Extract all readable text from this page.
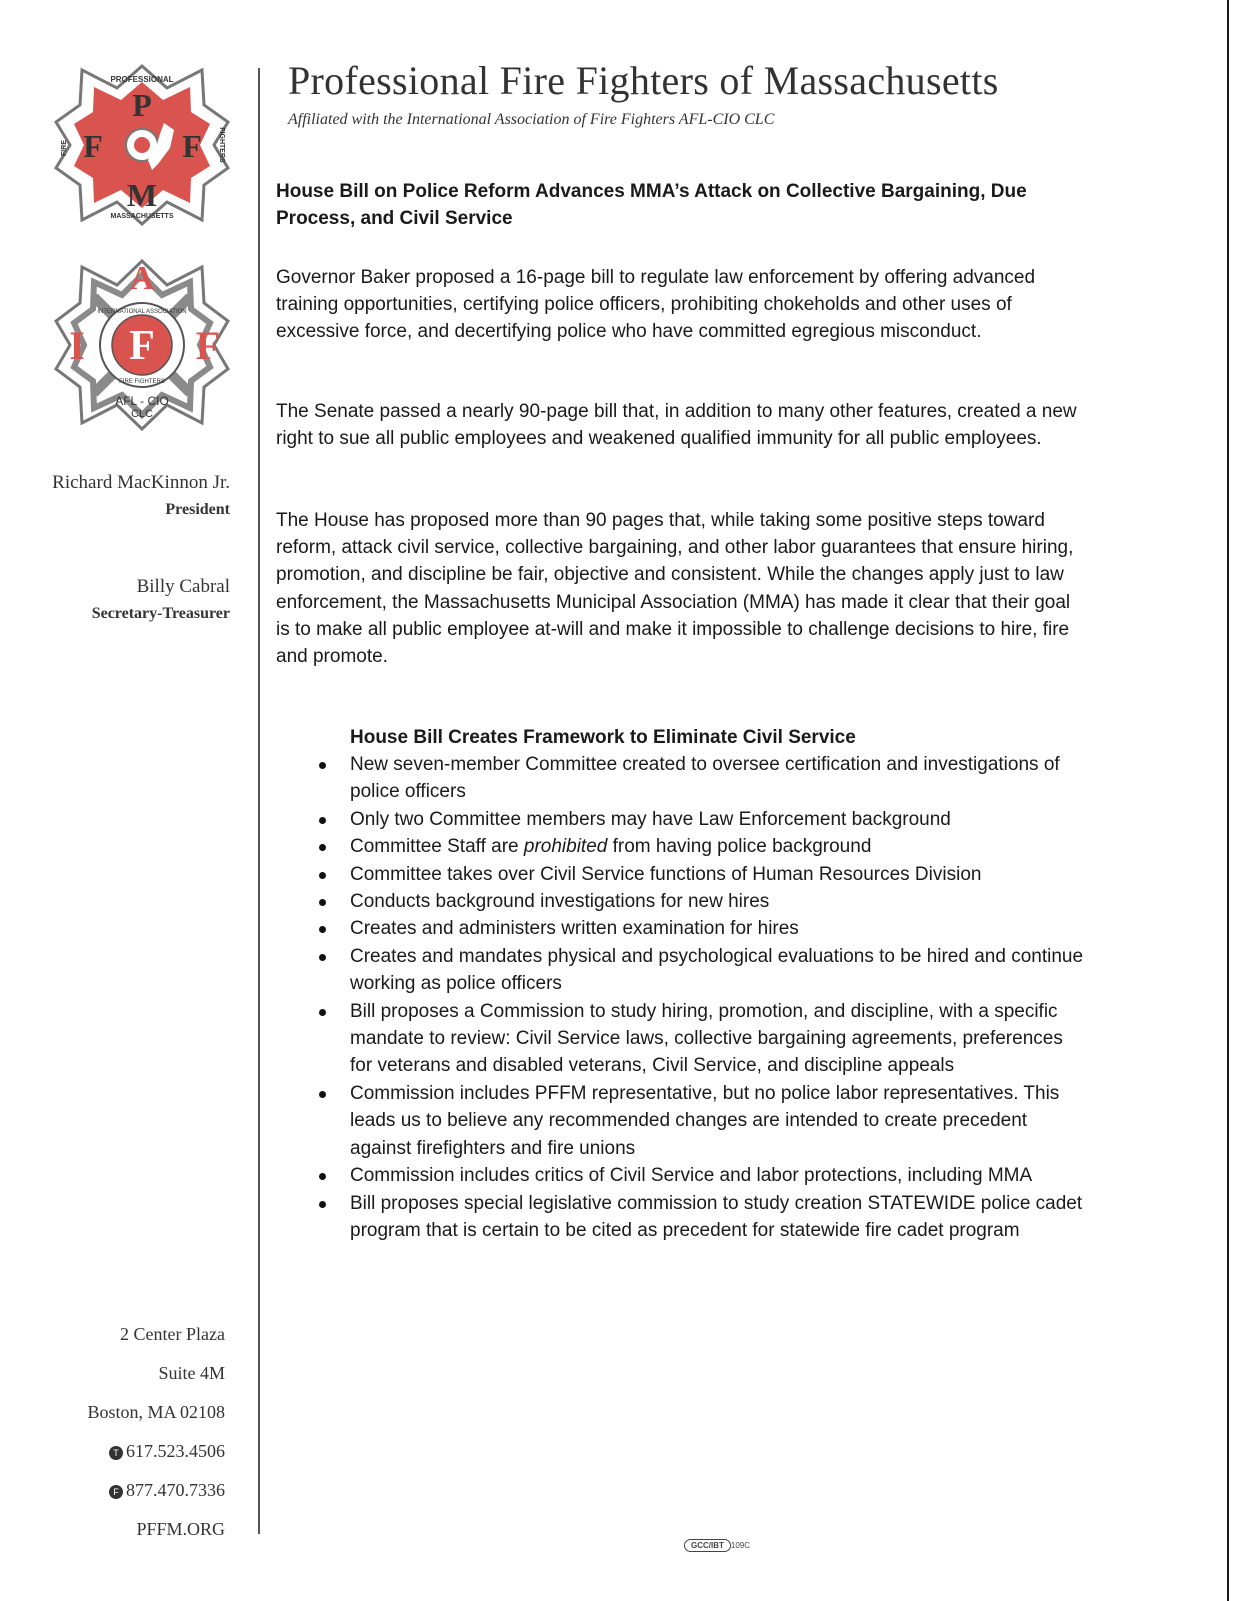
P
F F
M
PROFESSIONAL
MASSACHUSETTS
FIRE	FIGHTERS
F
A
I	F
INTERNATIONAL ASSOCIATION
FIRE FIGHTERS
AFL - CIO
CLC
Richard MacKinnon Jr.
President
Billy Cabral
Secretary-Treasurer
2 Center Plaza
Suite 4M
Boston, MA 02108
T 617.523.4506
F 877.470.7336
PFFM.ORG
Professional Fire Fighters of Massachusetts
Affiliated with the International Association of Fire Fighters AFL-CIO CLC
House Bill on Police Reform Advances MMA’s Attack on Collective Bargaining, Due Process, and Civil Service

Governor Baker proposed a 16-page bill to regulate law enforcement by offering advanced training opportunities, certifying police officers, prohibiting chokeholds and other uses of excessive force, and decertifying police who have committed egregious misconduct.

The Senate passed a nearly 90-page bill that, in addition to many other features, created a new right to sue all public employees and weakened qualified immunity for all public employees.

The House has proposed more than 90 pages that, while taking some positive steps toward reform, attack civil service, collective bargaining, and other labor guarantees that ensure hiring, promotion, and discipline be fair, objective and consistent. While the changes apply just to law enforcement, the Massachusetts Municipal Association (MMA) has made it clear that their goal is to make all public employee at-will and make it impossible to challenge decisions to hire, fire and promote.

House Bill Creates Framework to Eliminate Civil Service
New seven-member Committee created to oversee certification and investigations of police officers
Only two Committee members may have Law Enforcement background
Committee Staff are prohibited from having police background
Committee takes over Civil Service functions of Human Resources Division
Conducts background investigations for new hires
Creates and administers written examination for hires
Creates and mandates physical and psychological evaluations to be hired and continue working as police officers
Bill proposes a Commission to study hiring, promotion, and discipline, with a specific mandate to review: Civil Service laws, collective bargaining agreements, preferences for veterans and disabled veterans, Civil Service, and discipline appeals
Commission includes PFFM representative, but no police labor representatives. This leads us to believe any recommended changes are intended to create precedent against firefighters and fire unions
Commission includes critics of Civil Service and labor protections, including MMA
Bill proposes special legislative commission to study creation STATEWIDE police cadet program that is certain to be cited as precedent for statewide fire cadet program
GCC/IBT 109C
